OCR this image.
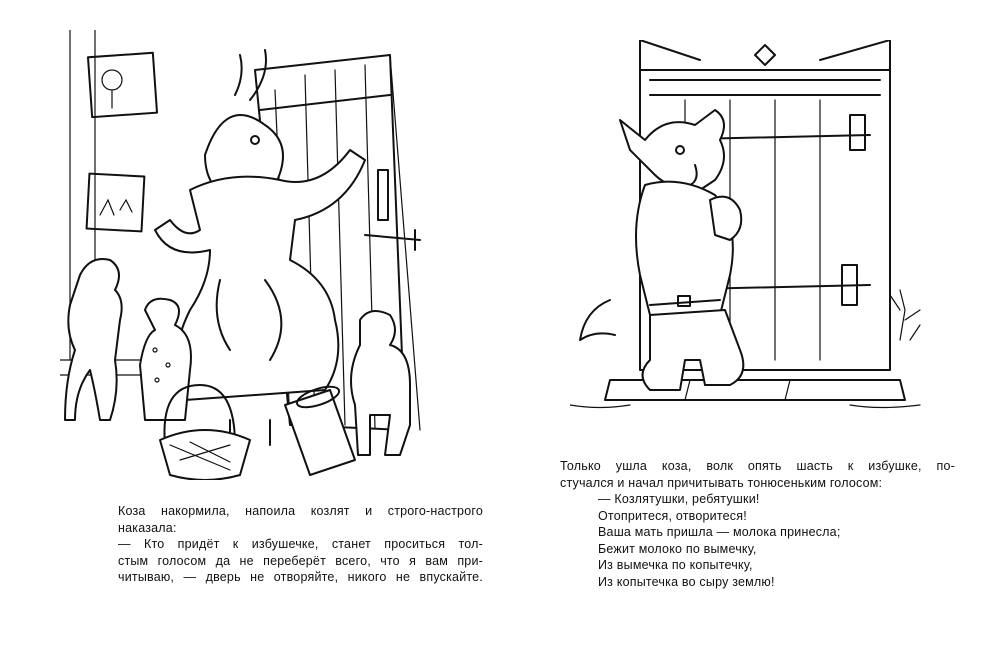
Коза накормила, напоила козлят и строго-настрого

наказала:

— Кто придёт к избушечке, станет проситься тол-

стым голосом да не переберёт всего, что я вам при-

читываю, — дверь не отворяйте, никого не впускайте.

Только ушла коза, волк опять шасть к избушке, по-

стучался и начал причитывать тонюсеньким голосом:

— Козлятушки, ребятушки!

Отопритеся, отворитеся!

Ваша мать пришла — молока принесла;

Бежит молоко по вымечку,

Из вымечка по копытечку,

Из копытечка во сыру землю!
